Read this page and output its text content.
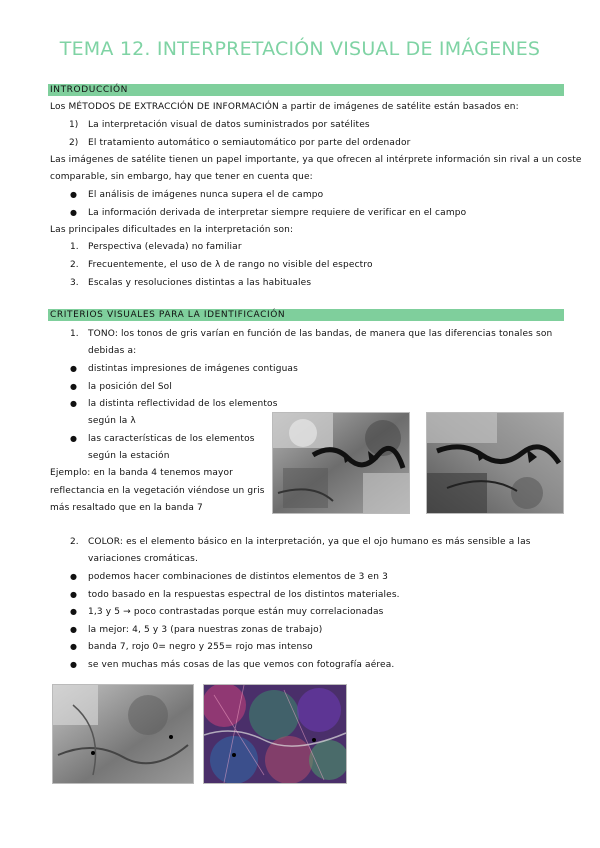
TEMA 12. INTERPRETACIÓN VISUAL DE IMÁGENES
INTRODUCCIÓN
Los MÉTODOS DE EXTRACCIÓN DE INFORMACIÓN a partir de imágenes de satélite están basados en:
1) La interpretación visual de datos suministrados por satélites
2) El tratamiento automático o semiautomático por parte del ordenador
Las imágenes de satélite tienen un papel importante, ya que ofrecen al intérprete información sin rival a un coste
comparable, sin embargo, hay que tener en cuenta que:
● El análisis de imágenes nunca supera el de campo
● La información derivada de interpretar siempre requiere de verificar en el campo
Las principales dificultades en la interpretación son:
1. Perspectiva (elevada) no familiar
2. Frecuentemente, el uso de λ de rango no visible del espectro
3. Escalas y resoluciones distintas a las habituales
CRITERIOS VISUALES PARA LA IDENTIFICACIÓN
1. TONO: los tonos de gris varían en función de las bandas, de manera que las diferencias tonales son
debidas a:
● distintas impresiones de imágenes contiguas
● la posición del Sol
● la distinta reflectividad de los elementos
según la λ
● las características de los elementos
según la estación
Ejemplo: en la banda 4 tenemos mayor
reflectancia en la vegetación viéndose un gris
más resaltado que en la banda 7
2. COLOR: es el elemento básico en la interpretación, ya que el ojo humano es más sensible a las
variaciones cromáticas.
● podemos hacer combinaciones de distintos elementos de 3 en 3
● todo basado en la respuestas espectral de los distintos materiales.
● 1,3 y 5 → poco contrastadas porque están muy correlacionadas
● la mejor: 4, 5 y 3 (para nuestras zonas de trabajo)
● banda 7, rojo 0= negro y 255= rojo mas intenso
● se ven muchas más cosas de las que vemos con fotografía aérea.
